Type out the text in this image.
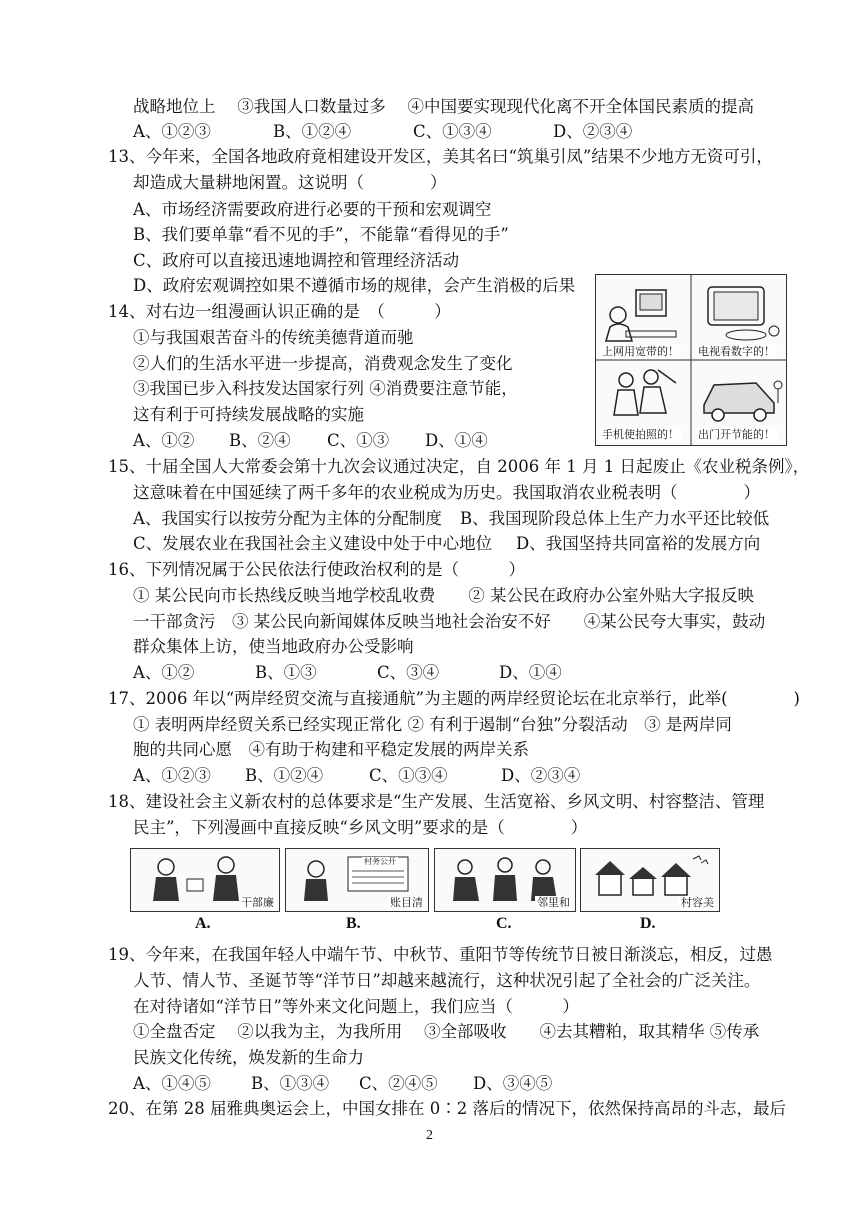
战略地位上　 ③我国人口数量过多　 ④中国要实现现代化离不开全体国民素质的提高
A、①②③	B、①②④	C、①③④	D、②③④
13、今年来，全国各地政府竟相建设开发区，美其名曰“筑巢引凤”结果不少地方无资可引，
却造成大量耕地闲置。这说明（　　　　）
A、市场经济需要政府进行必要的干预和宏观调空
B、我们要单靠“看不见的手”，不能靠“看得见的手”
C、政府可以直接迅速地调控和管理经济活动
D、政府宏观调控如果不遵循市场的规律，会产生消极的后果
14、对右边一组漫画认识正确的是　（　　　）
①与我国艰苦奋斗的传统美德背道而驰
②人们的生活水平进一步提高，消费观念发生了变化
③我国已步入科技发达国家行列 ④消费要注意节能，
这有利于可持续发展战略的实施
A、①② B、②④ C、①③ D、①④
上网用宽带的！ 电视看数字的！
手机使拍照的！ 出门开节能的！
15、十届全国人大常委会第十九次会议通过决定，自 2006 年 1 月 1 日起废止《农业税条例》，
这意味着在中国延续了两千多年的农业税成为历史。我国取消农业税表明（　　　　）
A、我国实行以按劳分配为主体的分配制度 B、我国现阶段总体上生产力水平还比较低
C、发展农业在我国社会主义建设中处于中心地位 D、我国坚持共同富裕的发展方向
16、下列情况属于公民依法行使政治权利的是（　　　）
① 某公民向市长热线反映当地学校乱收费　　② 某公民在政府办公室外贴大字报反映
一干部贪污　③ 某公民向新闻媒体反映当地社会治安不好　　④某公民夸大事实，鼓动
群众集体上访，使当地政府办公受影响
A、①②	B、①③	C、③④	D、①④
17、2006 年以“两岸经贸交流与直接通航”为主题的两岸经贸论坛在北京举行，此举(　　　　)
① 表明两岸经贸关系已经实现正常化 ② 有利于遏制“台独”分裂活动　③ 是两岸同
胞的共同心愿　④有助于构建和平稳定发展的两岸关系
A、①②③ B、①②④	C、①③④	D、②③④
18、建设社会主义新农村的总体要求是“生产发展、生活宽裕、乡风文明、村容整洁、管理
民主”，下列漫画中直接反映“乡风文明”要求的是（　　　　）
干部廉
村务公开
账目清	邻里和	村容美
A.	B.	C.	D.
19、今年来，在我国年轻人中端午节、中秋节、重阳节等传统节日被日渐淡忘，相反，过愚
人节、情人节、圣诞节等“洋节日”却越来越流行，这种状况引起了全社会的广泛关注。
在对待诸如“洋节日”等外来文化问题上，我们应当（　　　）
①全盘否定　 ②以我为主，为我所用　 ③全部吸收　　④去其糟粕，取其精华 ⑤传承
民族文化传统，焕发新的生命力
A、①④⑤ B、①③④ C、②④⑤ D、③④⑤
20、在第 28 届雅典奥运会上，中国女排在 0∶2 落后的情况下，依然保持高昂的斗志，最后
2
